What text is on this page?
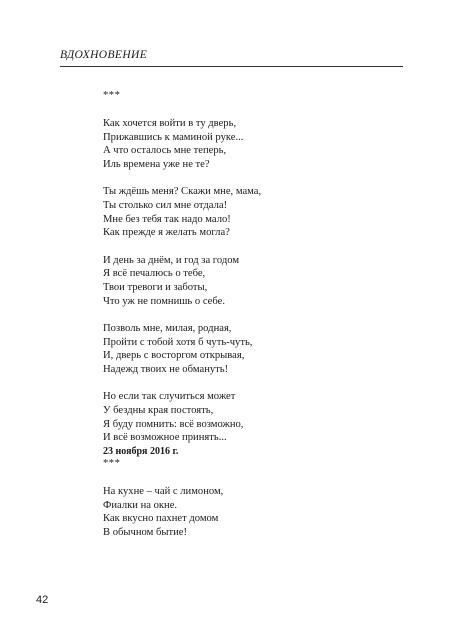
ВДОХНОВЕНИЕ
***
Как хочется войти в ту дверь,
Прижавшись к маминой руке...
А что осталось мне теперь,
Иль времена уже не те?
Ты ждёшь меня? Скажи мне, мама,
Ты столько сил мне отдала!
Мне без тебя так надо мало!
Как прежде я желать могла?
И день за днём, и год за годом
Я всё печалюсь о тебе,
Твои тревоги и заботы,
Что уж не помнишь о себе.
Позволь мне, милая, родная,
Пройти с тобой хотя б чуть-чуть,
И, дверь с восторгом открывая,
Надежд твоих не обмануть!
Но если так случиться может
У бездны края постоять,
Я буду помнить: всё возможно,
И всё возможное принять...
23 ноября 2016 г.
***
На кухне – чай с лимоном,
Фиалки на окне.
Как вкусно пахнет домом
В обычном бытие!
42
